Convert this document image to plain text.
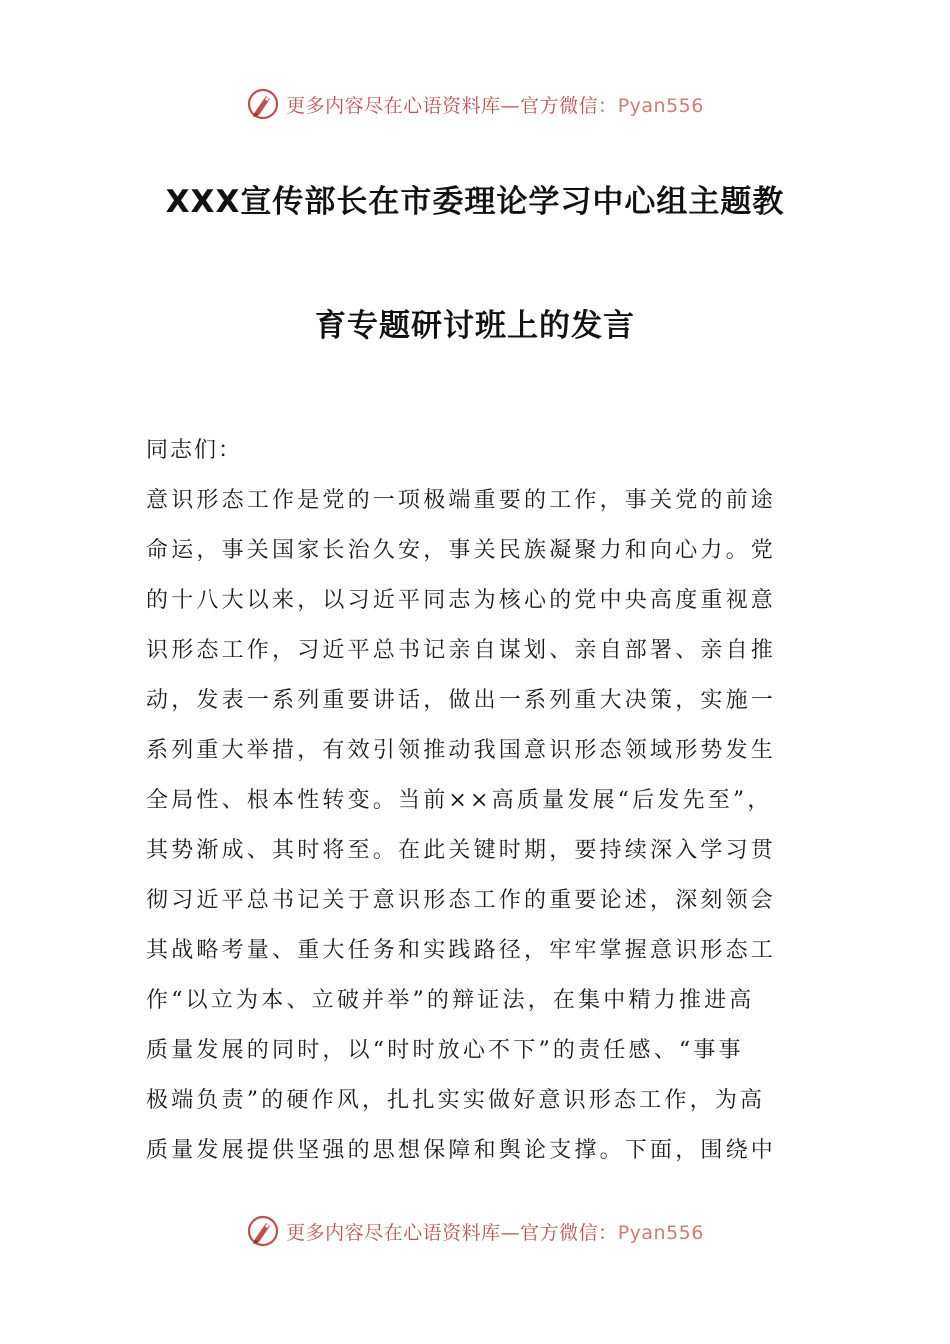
更多内容尽在心语资料库—官方微信：Pyan556
XXX宣传部长在市委理论学习中心组主题教
育专题研讨班上的发言
同志们：
意识形态工作是党的一项极端重要的工作，事关党的前途
命运，事关国家长治久安，事关民族凝聚力和向心力。党
的十八大以来，以习近平同志为核心的党中央高度重视意
识形态工作，习近平总书记亲自谋划、亲自部署、亲自推
动，发表一系列重要讲话，做出一系列重大决策，实施一
系列重大举措，有效引领推动我国意识形态领域形势发生
全局性、根本性转变。当前××高质量发展“后发先至”，
其势渐成、其时将至。在此关键时期，要持续深入学习贯
彻习近平总书记关于意识形态工作的重要论述，深刻领会
其战略考量、重大任务和实践路径，牢牢掌握意识形态工
作“以立为本、立破并举”的辩证法，在集中精力推进高
质量发展的同时，以“时时放心不下”的责任感、“事事
极端负责”的硬作风，扎扎实实做好意识形态工作，为高
质量发展提供坚强的思想保障和舆论支撑。下面，围绕中
更多内容尽在心语资料库—官方微信：Pyan556
